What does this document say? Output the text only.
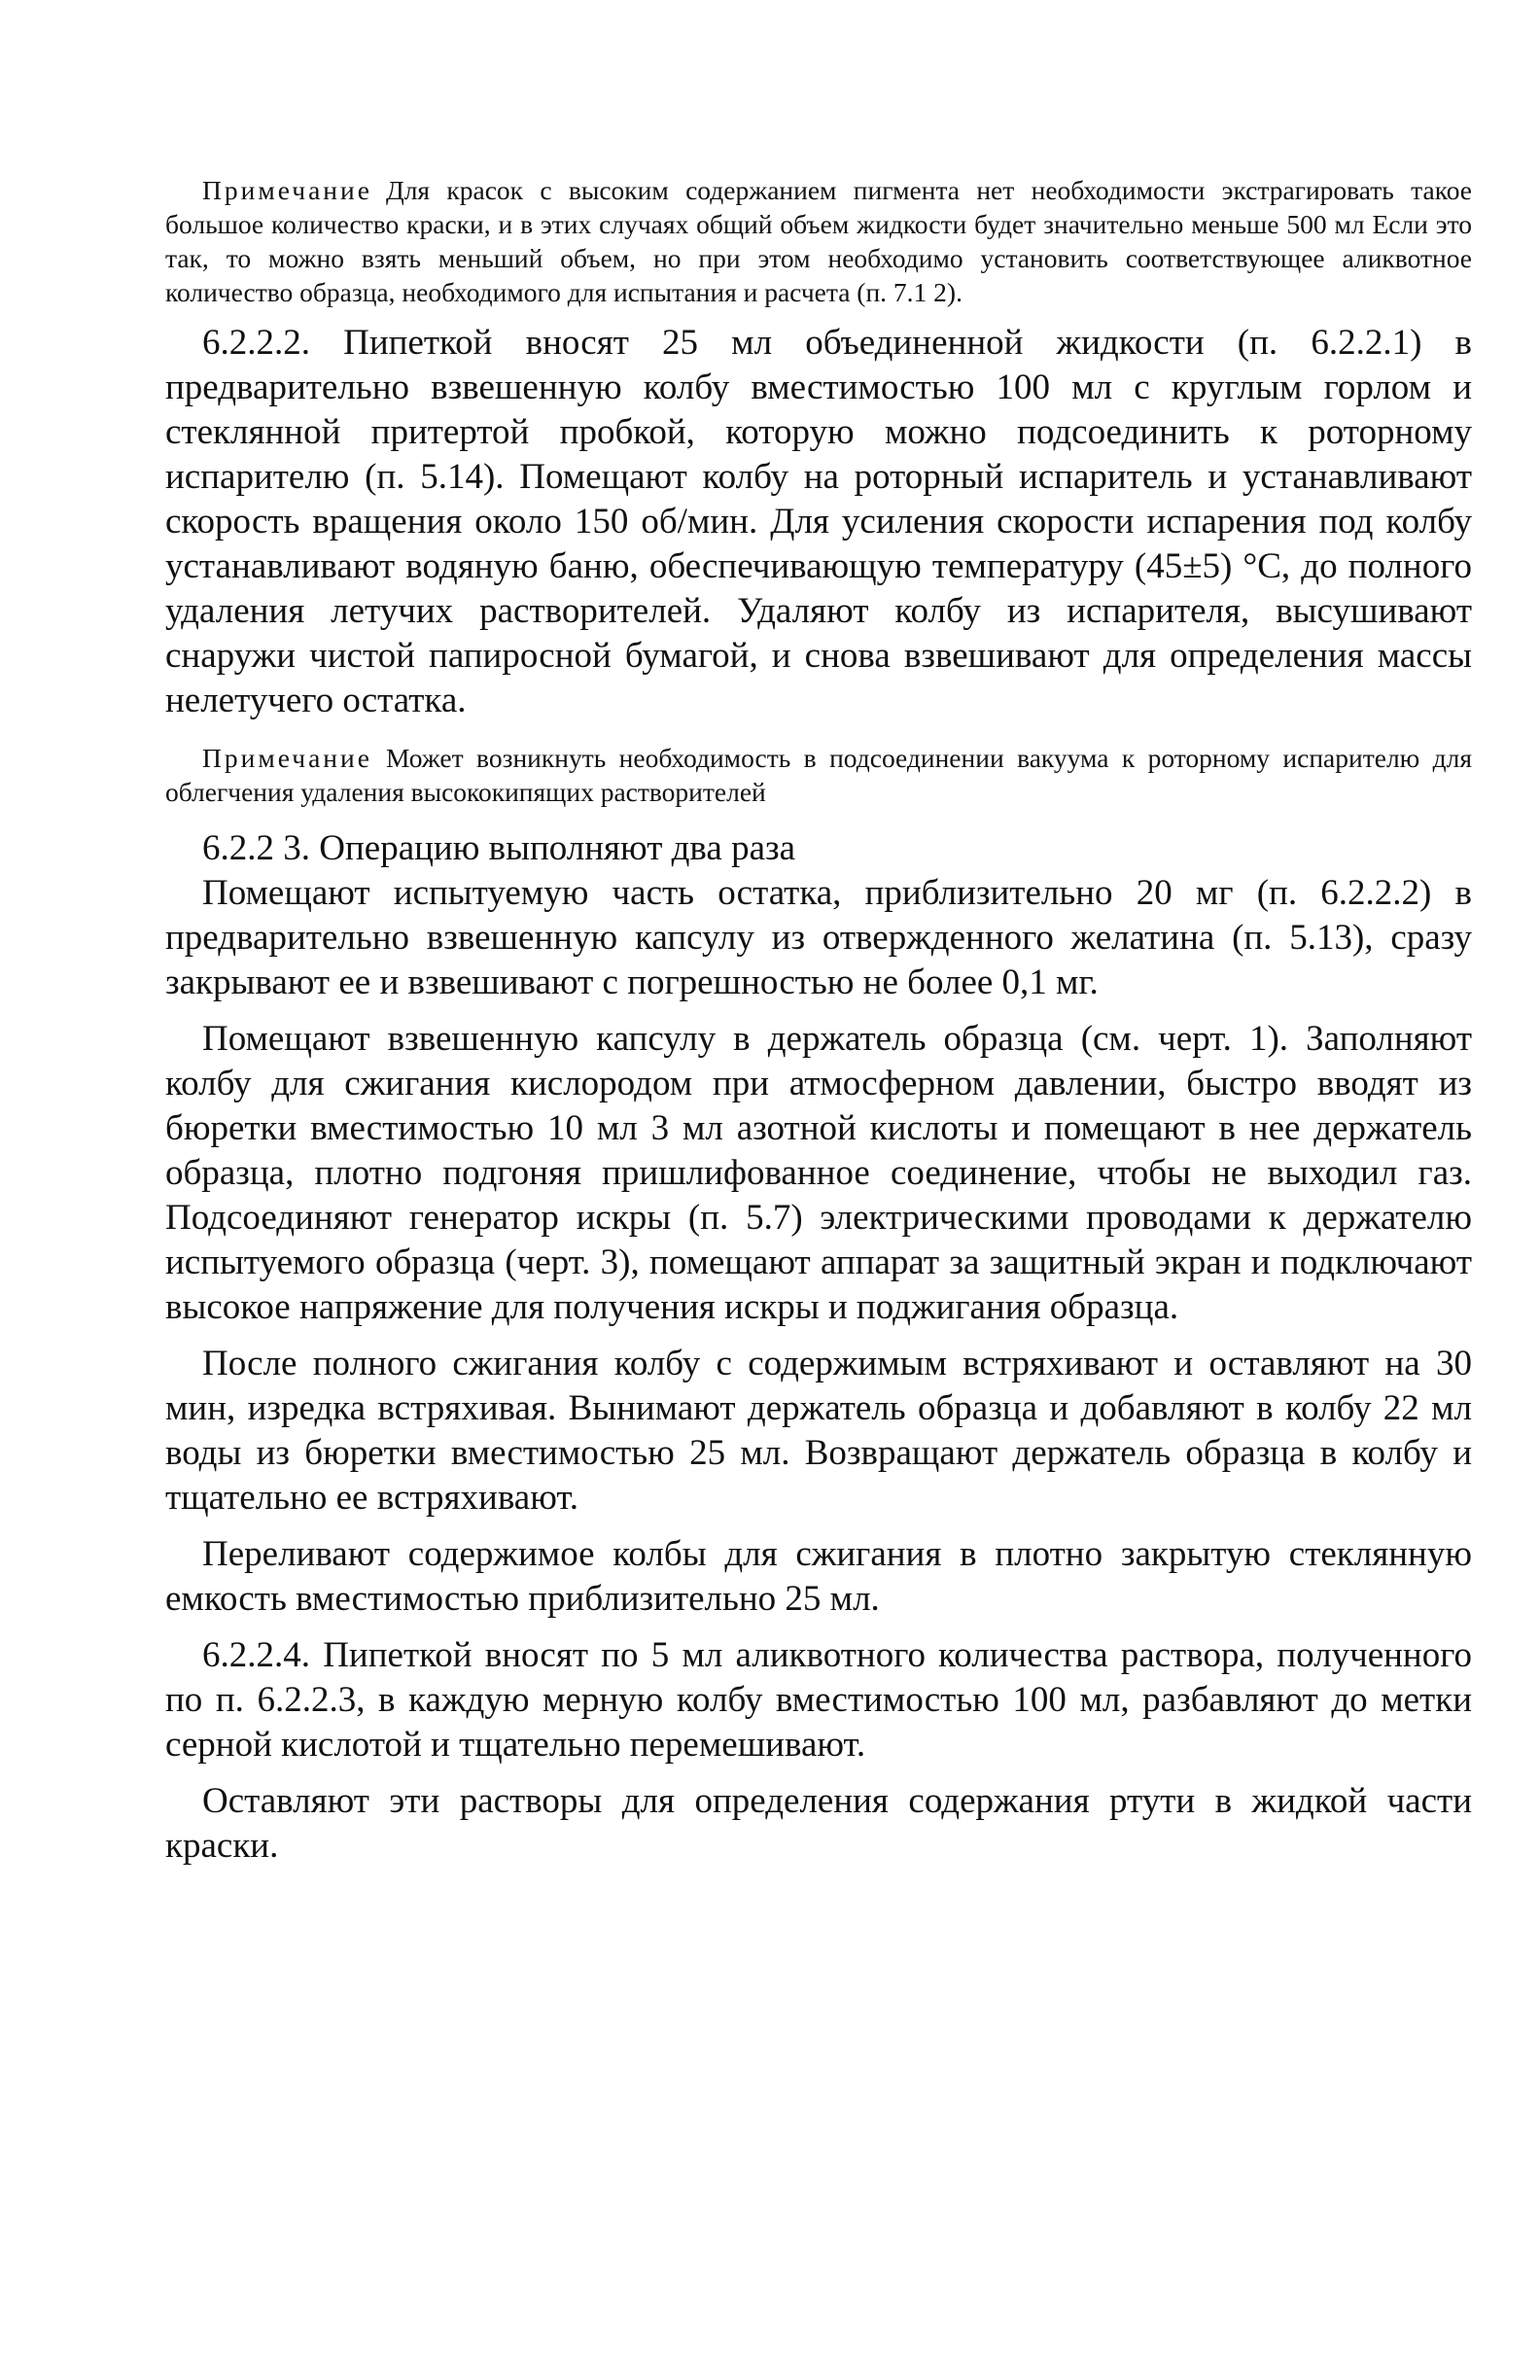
Примечание Для красок с высоким содержанием пигмента нет необходимости экстрагировать такое большое количество краски, и в этих случаях общий объем жидкости будет значительно меньше 500 мл Если это так, то можно взять меньший объем, но при этом необходимо установить соответствующее аликвотное количество образца, необходимого для испытания и расчета (п. 7.1 2).

6.2.2.2. Пипеткой вносят 25 мл объединенной жидкости (п. 6.2.2.1) в предварительно взвешенную колбу вместимостью 100 мл с круглым горлом и стеклянной притертой пробкой, которую можно подсоединить к роторному испарителю (п. 5.14). Помещают колбу на роторный испаритель и устанавливают скорость вращения около 150 об/мин. Для усиления скорости испарения под колбу устанавливают водяную баню, обеспечивающую температуру (45±5) °С, до полного удаления летучих растворителей. Удаляют колбу из испарителя, высушивают снаружи чистой папиросной бумагой, и снова взвешивают для определения массы нелетучего остатка.

Примечание Может возникнуть необходимость в подсоединении вакуума к роторному испарителю для облегчения удаления высококипящих растворителей

6.2.2 3. Операцию выполняют два раза

Помещают испытуемую часть остатка, приблизительно 20 мг (п. 6.2.2.2) в предварительно взвешенную капсулу из отвержденного желатина (п. 5.13), сразу закрывают ее и взвешивают с погрешностью не более 0,1 мг.

Помещают взвешенную капсулу в держатель образца (см. черт. 1). Заполняют колбу для сжигания кислородом при атмосферном давлении, быстро вводят из бюретки вместимостью 10 мл 3 мл азотной кислоты и помещают в нее держатель образца, плотно подгоняя пришлифованное соединение, чтобы не выходил газ. Подсоединяют генератор искры (п. 5.7) электрическими проводами к держателю испытуемого образца (черт. 3), помещают аппарат за защитный экран и подключают высокое напряжение для получения искры и поджигания образца.

После полного сжигания колбу с содержимым встряхивают и оставляют на 30 мин, изредка встряхивая. Вынимают держатель образца и добавляют в колбу 22 мл воды из бюретки вместимостью 25 мл. Возвращают держатель образца в колбу и тщательно ее встряхивают.

Переливают содержимое колбы для сжигания в плотно закрытую стеклянную емкость вместимостью приблизительно 25 мл.

6.2.2.4. Пипеткой вносят по 5 мл аликвотного количества раствора, полученного по п. 6.2.2.3, в каждую мерную колбу вместимостью 100 мл, разбавляют до метки серной кислотой и тщательно перемешивают.

Оставляют эти растворы для определения содержания ртути в жидкой части краски.
